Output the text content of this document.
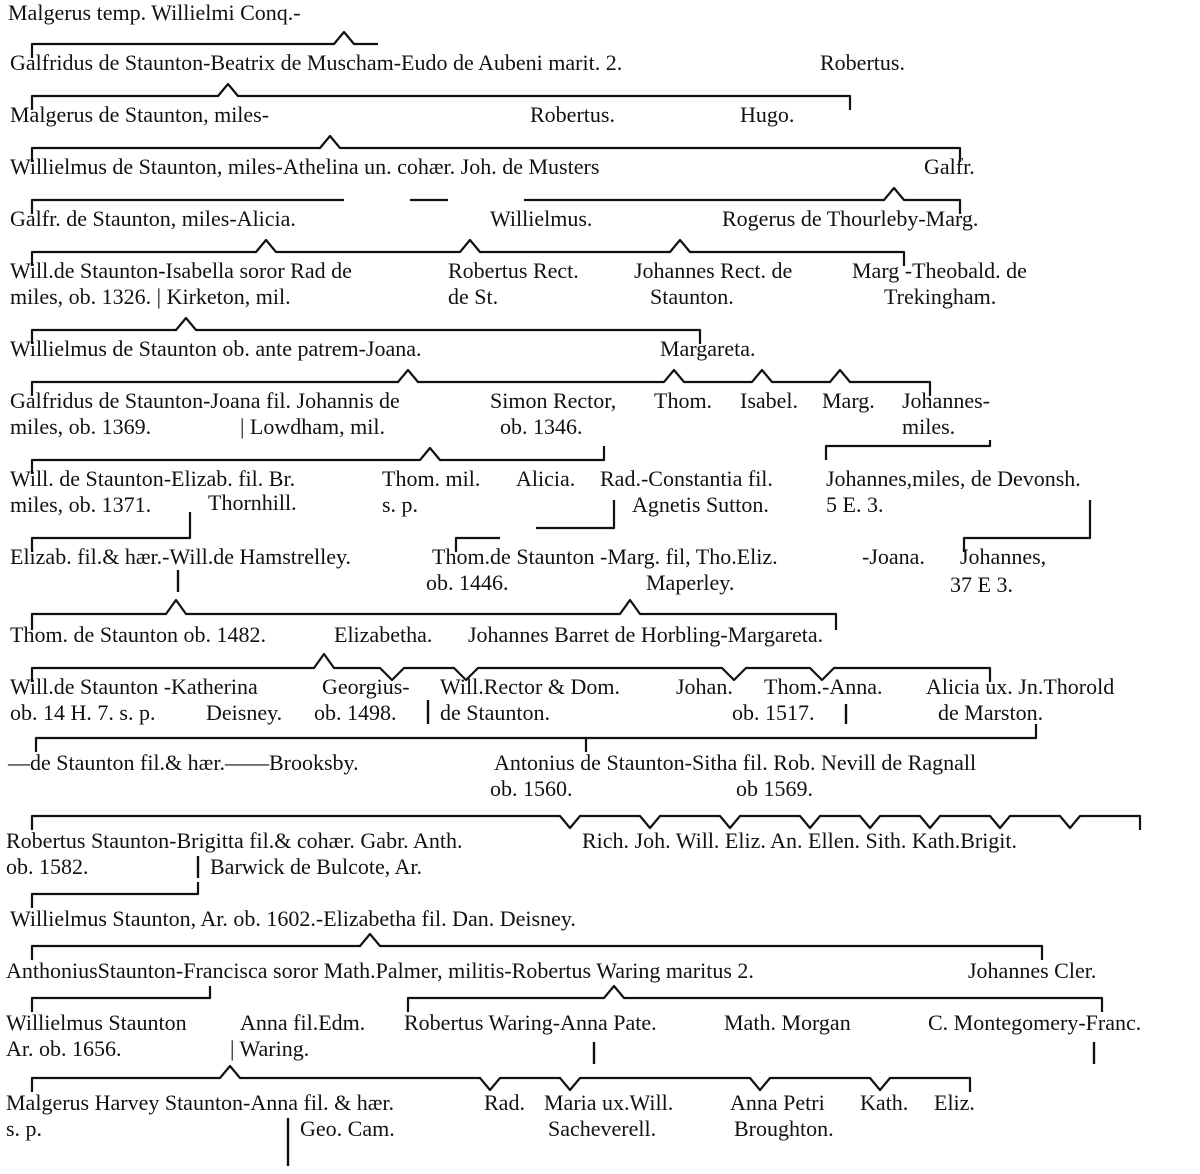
Malgerus temp. Willielmi Conq.-
Galfridus de Staunton-Beatrix de Muscham-Eudo de Aubeni marit. 2.	Robertus.
Malgerus de Staunton, miles-	Robertus.	Hugo.
Willielmus de Staunton, miles-Athelina un. cohær. Joh. de Musters	Galfr.
Galfr. de Staunton, miles-Alicia.	Willielmus.	Rogerus de Thourleby-Marg.
Will.de Staunton-Isabella soror Rad de
miles, ob. 1326. | Kirketon, mil.
Robertus Rect.
de St.
Johannes Rect. de
Staunton.
Marg -Theobald. de
Trekingham.
Willielmus de Staunton ob. ante patrem-Joana.	Margareta.
Galfridus de Staunton-Joana fil. Johannis de
miles, ob. 1369.	| Lowdham, mil.
Simon Rector,
ob. 1346.
Thom. Isabel. Marg. Johannes-
miles.
Will. de Staunton-Elizab. fil. Br.
miles, ob. 1371.	Thornhill.
Thom. mil.
s. p.
Alicia. Rad.-Constantia fil.
Agnetis Sutton.
Johannes,miles, de Devonsh.
5 E. 3.
Elizab. fil.& hær.-Will.de Hamstrelley.	Thom.de Staunton -Marg. fil, Tho.Eliz.
ob. 1446.	Maperley.
-Joana. Johannes,
37 E 3.
Thom. de Staunton ob. 1482.	Elizabetha. Johannes Barret de Horbling-Margareta.
Will.de Staunton -Katherina
ob. 14 H. 7. s. p. Deisney.
Georgius-
ob. 1498.
Will.Rector & Dom.
de Staunton.
Johan.
ob. 1517.
Thom.-Anna. Alicia ux. Jn.Thorold
de Marston.
—de Staunton fil.& hær.——Brooksby.	Antonius de Staunton-Sitha fil. Rob. Nevill de Ragnall
ob. 1560.	ob 1569.
Robertus Staunton-Brigitta fil.& cohær. Gabr. Anth.
ob. 1582.	Barwick de Bulcote, Ar.
Rich. Joh. Will. Eliz. An. Ellen. Sith. Kath.Brigit.
Willielmus Staunton, Ar. ob. 1602.-Elizabetha fil. Dan. Deisney.
AnthoniusStaunton-Francisca soror Math.Palmer, militis-Robertus Waring maritus 2.	Johannes Cler.
Willielmus Staunton
Ar. ob. 1656.
Anna fil.Edm.
| Waring.
Robertus Waring-Anna Pate.	Math. Morgan	C. Montegomery-Franc.
Malgerus Harvey Staunton-Anna fil. & hær.
s. p.	Geo. Cam.
Rad. Maria ux.Will.
Sacheverell.
Anna Petri
Broughton.
Kath. Eliz.
